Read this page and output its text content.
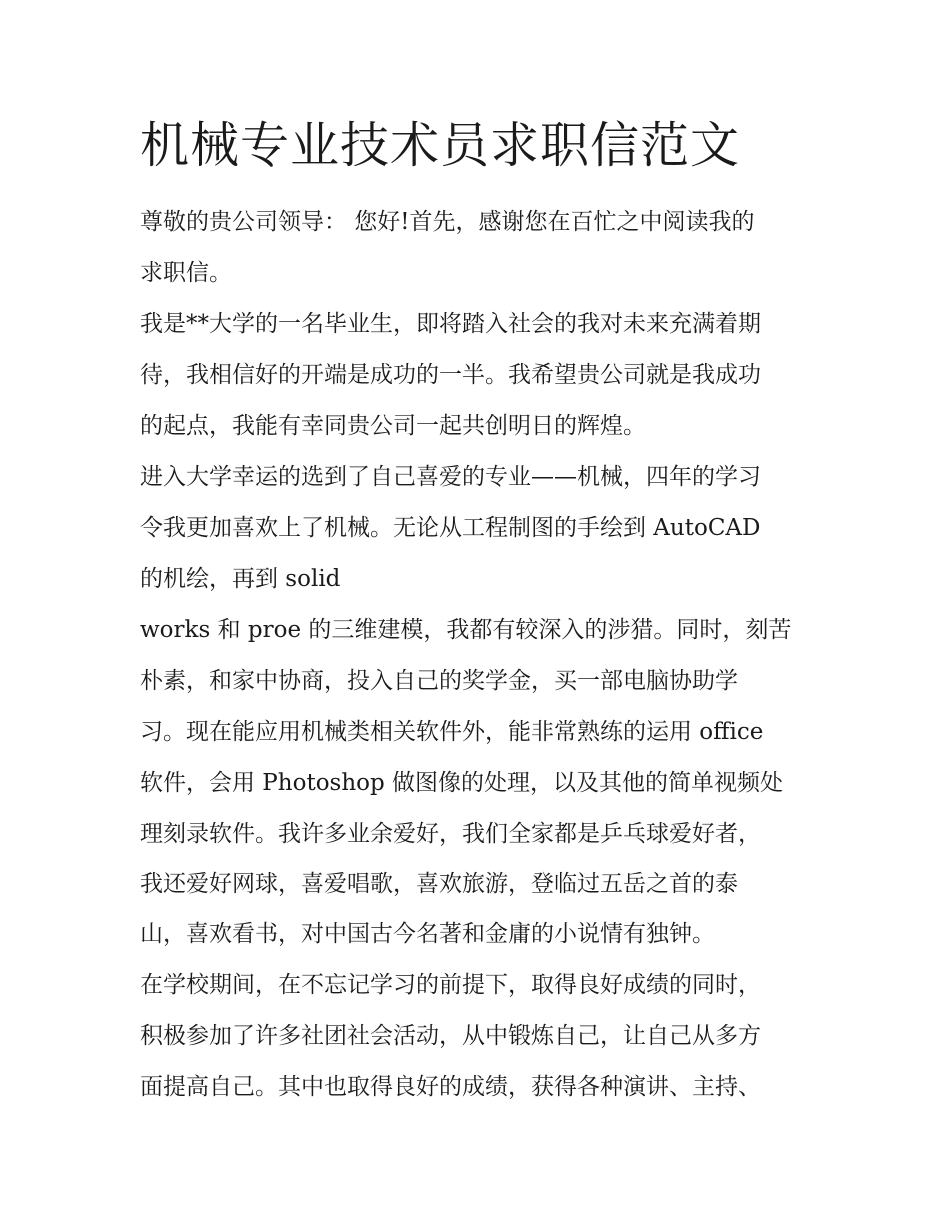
机械专业技术员求职信范文

尊敬的贵公司领导： 您好!首先，感谢您在百忙之中阅读我的

求职信。

我是**大学的一名毕业生，即将踏入社会的我对未来充满着期

待，我相信好的开端是成功的一半。我希望贵公司就是我成功

的起点，我能有幸同贵公司一起共创明日的辉煌。

进入大学幸运的选到了自己喜爱的专业——机械，四年的学习

令我更加喜欢上了机械。无论从工程制图的手绘到 AutoCAD

的机绘，再到 solid

works 和 proe 的三维建模，我都有较深入的涉猎。同时，刻苦

朴素，和家中协商，投入自己的奖学金，买一部电脑协助学

习。现在能应用机械类相关软件外，能非常熟练的运用 office

软件，会用 Photoshop 做图像的处理，以及其他的简单视频处

理刻录软件。我许多业余爱好，我们全家都是乒乓球爱好者，

我还爱好网球，喜爱唱歌，喜欢旅游，登临过五岳之首的泰

山，喜欢看书，对中国古今名著和金庸的小说情有独钟。

在学校期间，在不忘记学习的前提下，取得良好成绩的同时，

积极参加了许多社团社会活动，从中锻炼自己，让自己从多方

面提高自己。其中也取得良好的成绩，获得各种演讲、主持、
